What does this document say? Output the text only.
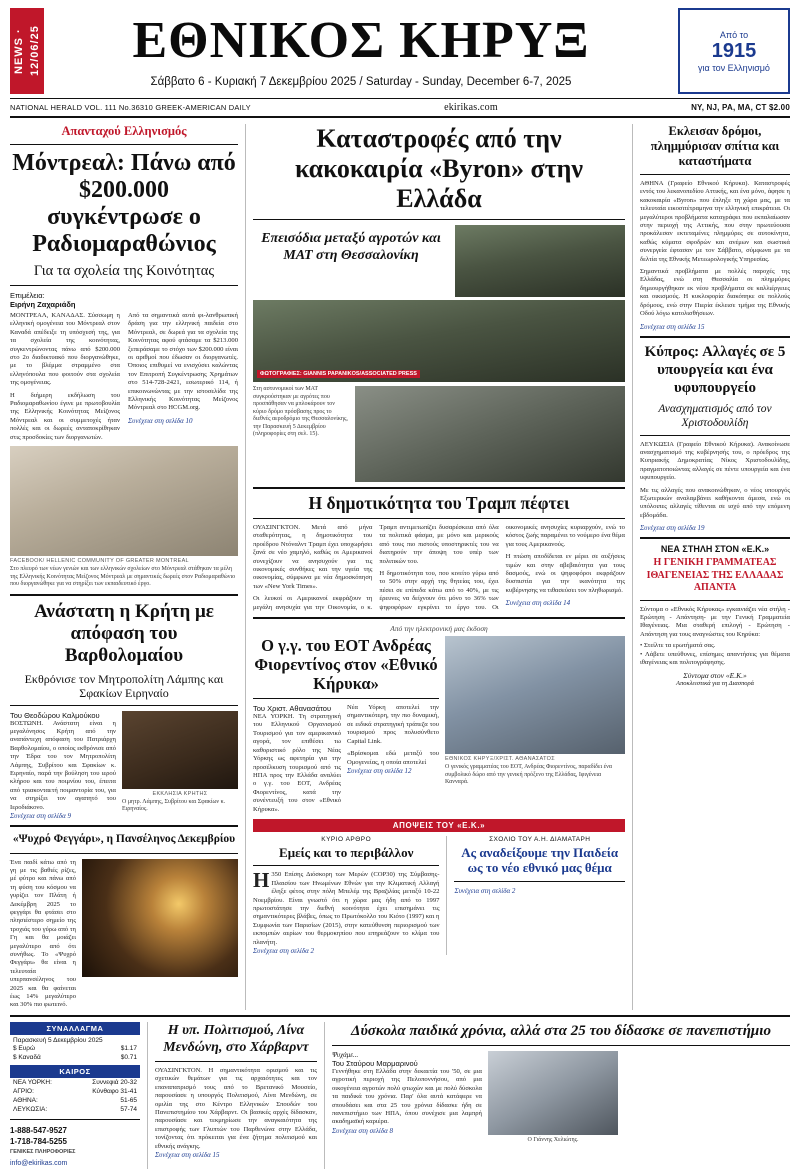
NEWS · 12/06/25 ΕΘΝΙΚΟΣ ΚΗΡΥΞ
Σάββατο 6 - Κυριακή 7 Δεκεμβρίου 2025 / Saturday - Sunday, December 6-7, 2025
Από το
1915
για τον Ελληνισμό
NATIONAL HERALD VOL. 111 No.36310 GREEK-AMERICAN DAILY	ekirikas.com	NY, NJ, PA, MA, CT $2.00
Απανταχού Ελληνισμός
Μόντρεαλ: Πάνω από $200.000 συγκέντρωσε ο Ραδιομαραθώνιος
Για τα σχολεία της Κοινότητας
Επιμέλεια:
Ειρήνη Ζαχαριάδη

ΜΟΝΤΡΕΑΛ, ΚΑΝΑΔΑΣ. Σύσσωμη η ελληνική ομογένεια του Μόντρεαλ στον Καναδά απέδειξε τη υπόσχεσή της, για τα σχολεία της κοινότητας, συγκεντρώνοντας πάνω από $200.000 στο 2ο διαδικτυακό που διοργανώθηκε, με το βλέμμα στραμμένο στα ελληνόπουλα που φοιτούν στα σχολεία της ομογένειας.

Η διήμερη εκδήλωση του Ραδιομαραθωνίου έγινε με πρωτοβουλία της Ελληνικής Κοινότητας Μείζονος Μόντρεαλ και οι συμμετοχές ήταν πολλές και οι δωρεές ανταποκρίθηκαν στις προσδοκίες των διοργανωτών.

Από τα σημαντικά αυτά φι-λανθρωπική δράση για την ελληνική παιδεία στο Μόντρεαλ, σε δωρεά για τα σχολεία της Κοινότητας αφού φτάσαμε τα $213.000 ξεπεράσαμε το στόχο των $200.000 είναι οι αριθμοί που έδωσαν οι διοργανωτές. Όποιος επιθυμεί να ενισχύσει καλώντας τον Επιτροπή Συγκέντρωσης Χρημάτων στο 514-728-2421, εσωτερικό 114, ή επικοινωνώντας με την ιστοσελίδα της Ελληνικής Κοινότητας Μείζονος Μόντρεαλ στο HCGM.org.

Συνέχεια στη σελίδα 10

FACEBOOK/ HELLENIC COMMUNITY OF GREATER MONTREAL
Στο πλευρό των νέων γενιών και των ελληνικών σχολείων στο Μόντρεαλ στάθηκαν τα μέλη της Ελληνικής Κοινότητας Μείζονος Μόντρεαλ με σημαντικές δωρεές στον Ραδιομαραθώνιο που διοργανώθηκε για να στηρίξει των εκπαιδευτικό έργο.
Ανάστατη η Κρήτη με απόφαση του Βαρθολομαίου
Εκθρόνισε τον Μητροπολίτη Λάμπης και Σφακίων Ειρηναίο
Του Θεοδώρου Καλμούκου

ΒΟΣΤΩΝΗ. Ανάστατη είναι η μεγαλόνησος Κρήτη από την αναπάντεχη απόφαση του Πατριάρχη Βαρθολομαίου, ο οποίος εκθρόνισε από την Έδρα του τον Μητροπολίτη Λάμπης, Συβρίτου και Σφακίων κ. Ειρηναίο, παρά την βούληση του ιερού κλήρου και του ποιμνίου του, έπειτα από τριακονταετή ποιμαντορία του, για να στηρίξει τον αγαπητό του Ιεροδιάκονο.

Συνέχεια στη σελίδα 9

ΕΚΚΛΗΣΙΑ ΚΡΗΤΗΣ
Ο μητρ. Λάμπης, Συβρίτου και Σφακίων κ. Ειρηναίος.
«Ψυχρό Φεγγάρι», η Πανσέληνος Δεκεμβρίου

Ένα παιδί κάτω από τη γη με τις βαθιές ρίζες, μέ φύτρο και πάνω από τη φύση του κόσμου να γυρίζει τον Πλάτη ή Δεκέμβρη 2025 το φεγγάρι θα φτάσει στο πλησιέστερο σημείο της τροχιάς του γύρω από τη Γη και θα μοιάζει μεγαλύτερο από ότι συνήθως. Το «Ψυχρό Φεγγάρι» θα είναι η τελευταία υπερπανσέληνος του 2025 και θα φαίνεται έως 14% μεγαλύτερο και 30% πιο φωτεινό.

Καταστροφές από την κακοκαιρία «Byron» στην Ελλάδα
Επεισόδια μεταξύ αγροτών και ΜΑΤ στη Θεσσαλονίκη
ΦΩΤΟΓΡΑΦΙΕΣ: GIANNIS PAPANIKOS/ASSOCIATED PRESS

Στη αστυνομικοί των ΜΑΤ συγκρούστηκαν με αγρότες που προσπάθησαν να μπλοκάρουν τον κύριο δρόμο πρόσβασης προς το διεθνές αεροδρόμιο της Θεσσαλονίκης, την Παρασκευή 5 Δεκεμβρίου (πληροφορίες στη σελ. 15).

Η δημοτικότητα του Τραμπ πέφτει

ΟΥΑΣΙΝΓΚΤΟΝ. Μετά από μήνα σταθερότητας, η δημοτικότητα του προέδρου Ντόναλντ Τραμπ έχει υποχωρήσει ξανά σε νέο χαμηλό, καθώς οι Αμερικανοί συνεχίζουν να ανησυχούν για τις οικονομικές συνθήκες και την υγεία της οικονομίας, σύμφωνα με νέα δημοσκόπηση των «New York Times».

Οι λευκοί οι Αμερικανοί εκφράζουν τη μεγάλη ανησυχία για την Οικονομία, ο κ. Τραμπ αντιμετωπίζει δυσαρέσκεια από όλα τα πολιτικά φάσμα, με μόνο και μερικούς από τους πιο πιστούς υποστηρικτές του να διατηρούν την άποψη του υπέρ των πολιτικών του.

Η δημοτικότητα του, που κινείτο γύρω από το 50% στην αρχή της θητείας του, έχει πέσει σε επίπεδα κάτω από το 40%, με τις έρευνες να δείχνουν ότι μόνο το 36% των ψηφοφόρων εγκρίνει το έργο του. Οι οικονομικές ανησυχίες κυριαρχούν, ενώ το κόστος ζωής παραμένει το νούμερο ένα θέμα για τους Αμερικανούς.

Η πτώση αποδίδεται εν μέρει σε αυξήσεις τιμών και στην αβεβαιότητα για τους δασμούς, ενώ οι ψηφοφόροι εκφράζουν δυσπιστία για την ικανότητα της κυβέρνησης να τιθασεύσει τον πληθωρισμό.

Συνέχεια στη σελίδα 14

Από την ηλεκτρονική μας έκδοση
Ο γ.γ. του ΕΟΤ Ανδρέας Φιορεντίνος στον «Εθνικό Κήρυκα»
Του Χριστ. Αθανασάτου

ΝΕΑ ΥΟΡΚΗ. Τη στρατηγική του Ελληνικού Οργανισμού Τουρισμού για τον αμερικανικό αγορά, τον επιθέσει τω καθοριστικό ρόλο της Νέας Υόρκης ως αφετηρία για την προσέλκυση τουρισμού από τις ΗΠΑ προς την Ελλάδα αναλύει ο γ.γ. του ΕΟΤ, Ανδρέας Φιορεντίνος, κατά την συνέντευξή του στον «Εθνικό Κήρυκα».

Νέα Υόρκη αποτελεί την σημαντικότερη, την πιο δυναμική, σε ειδικά στρατηγική τράπεζα του τουρισμού προς πολυσύνθετο Capital Link.

«Βρίσκομαι εδώ μεταξύ του Ομογενείας, η οποία αποτελεί

Συνέχεια στη σελίδα 12

ΕΘΝΙΚΟΣ ΚΗΡΥΞ/ΧΡΙΣΤ. ΑΘΑΝΑΣΑΤΟΣ
Ο γενικός γραμματέας του ΕΟΤ, Ανδρέας Φιορεντίνος, παραδίδει ένα συμβολικό δώρο από την γενική πρόξενο της Ελλάδας, Ιφιγένεια Κανναρά.
ΑΠΟΨΕΙΣ ΤΟΥ «Ε.Κ.»
ΚΥΡΙΟ ΑΡΘΡΟ
Εμείς και το περιβάλλον

Η350 Επίσης Διόσκορη των Μερών (COP30) της Σύμβασης-Πλαισίου των Ηνωμένων Εθνών για την Κλιματική Αλλαγή έληξε φέτος στην πόλη Μπελέμ της Βραζιλίας μεταξύ 10-22 Νοεμβρίου. Είναι γνωστό ότι η χώρα μας ήδη από το 1997 πρωτοστάτησε την διεθνή κοινότητα έχει επισημάνει τις σημαντικότερες βλάβες, όπως το Πρωτόκολλο του Κιότο (1997) και η Συμφωνία των Παρισίων (2015), στην κατεύθυνση περιορισμού των εκπομπών αερίων του θερμοκηπίου που επηρεάζουν το κλίμα του πλανήτη.

Συνέχεια στη σελίδα 2

ΣΧΟΛΙΟ ΤΟΥ Α.Η. ΔΙΑΜΑΤΑΡΗ
Ας αναδείξουμε την Παιδεία ως το νέο εθνικό μας θέμα

Συνέχεια στη σελίδα 2

Εκλεισαν δρόμοι, πλημμύρισαν σπίτια και καταστήματα

ΑΘΗΝΑ (Γραφείο Εθνικού Κήρυκα). Καταστροφές εντός του λεκανοπεδίου Αττικής, και ένα μόνο, άφησε η κακοκαιρία «Byron» που έπληξε τη χώρα μας, με τα τελευταία εικοσιτέτραμηνα την ελληνική επικράτεια. Οι μεγαλύτεροι προβλήματα καταγράφει που εκπαλαίωσαν στην περιοχή της Αττικής, που στην πρωτεύουσα προκάλεσαν εκτεταμένες πλημμύρες σε αυτοκίνητα, καθώς κύματα σφοδρών και ανέμων και σωστικά συνεργεία έφτασαν με τον Σάββατο, σύμφωνα με τα δελτία της Εθνικής Μετεωρολογικής Υπηρεσίας.

Σημαντικά προβλήματα με πολλές παροχές της Ελλάδας, ενώ στη Θεσσαλία οι πλημμύρες δημιουργήθηκαν εκ νέου προβλήματα σε καλλιέργειες και οικισμούς. Η κυκλοφορία διακόπηκε σε πολλούς δρόμους, ενώ στην Πιερία έκλεισε τμήμα της Εθνικής Οδού λόγω κατολισθήσεων.

Συνέχεια στη σελίδα 15

Κύπρος: Αλλαγές σε 5 υπουργεία και ένα υφυπουργείο
Ανασχηματισμός από τον Χριστοδουλίδη

ΛΕΥΚΩΣΙΑ (Γραφείο Εθνικού Κήρυκα). Ανακοίνωσε ανασχηματισμό της κυβέρνησής του, ο πρόεδρος της Κυπριακής Δημοκρατίας Νίκος Χριστοδουλίδης, πραγματοποιώντας αλλαγές σε πέντε υπουργεία και ένα υφυπουργείο.

Με τις αλλαγές που ανακοινώθηκαν, ο νέος υπουργός Εξωτερικών αναλαμβάνει καθήκοντα άμεσα, ενώ οι υπόλοιπες αλλαγές τίθενται σε ισχύ από την επόμενη εβδομάδα.

Συνέχεια στη σελίδα 19

ΝΕΑ ΣΤΗΛΗ ΣΤΟΝ «Ε.Κ.»
Η ΓΕΝΙΚΗ ΓΡΑΜΜΑΤΕΑΣ ΙΘΑΓΕΝΕΙΑΣ ΤΗΣ ΕΛΛΑΔΑΣ ΑΠΑΝΤΑ

Σύντομα ο «Εθνικός Κήρυκας» εγκαινιάζει νέα στήλη - Ερώτηση - Απάντηση- με την Γενική Γραμματεία Ιθαγένειας. Μια σταθερή επιλογή - Ερώτηση - Απάντηση για τους αναγνώστες του Κηρύκα:

• Στείλτε τα ερωτήματά σας.

• Λάβετε υπεύθυνες, επίσημες απαντήσεις για θέματα ιθαγένειας και πολιτογράφησης.

Σύντομα στον «Ε.Κ.»
Αποκλειστικά για τη Διασπορά
ΣΥΝΑΛΛΑΓΜΑ
Παρασκευή 5 Δεκεμβρίου 2025
$ Ευρώ	$1.17
$ Καναδά	$0.71
ΚΑΙΡΟΣ
ΝΕΑ ΥΟΡΚΗ:	Συννεφιά 20-32
ΑΓΡΙΟ:	Κύνθαφο 31-41
ΑΘΗΝΑ:	51-65
ΛΕΥΚΩΣΙΑ:	57-74
1-888-547-9527
1-718-784-5255
ΓΕΝΙΚΕΣ ΠΛΗΡΟΦΟΡΙΕΣ
info@ekirikas.com
Η υπ. Πολιτισμού, Λίνα Μενδώνη, στο Χάρβαρντ

ΟΥΑΣΙΝΓΚΤΟΝ. Η σημαντικότητα ορισμού και τις σχετικών θεμάτων για τις αρχαιότητες και τον επαναπατρισμό τους από το Βρετανικό Μουσείο, παρουσίασε η υπουργός Πολιτισμού, Λίνα Μενδώνη, σε ομιλία της στο Κέντρο Ελληνικών Σπουδών του Πανεπιστημίου του Χάρβαρντ. Οι βασικές αρχές δίδασκαν, παρουσίασε και τεκμηρίωσε την αναγκαιότητα της επιστροφής των Γλυπτών του Παρθενώνα στην Ελλάδα, τονίζοντας ότι πρόκειται για ένα ζήτημα πολιτισμού και εθνικής ανάγκης.

Συνέχεια στη σελίδα 15

Δύσκολα παιδικά χρόνια, αλλά στα 25 του δίδασκε σε πανεπιστήμιο
Ψυχάμε...
Του Σταύρου Μαρμαρινού

Γεννήθηκε στη Ελλάδα στην δεκαετία του '50, σε μια αγροτική περιοχή της Πελοποννήσου, από μια οικογένεια αγροτών πολύ φτωχών και με πολύ δύσκολα τα παιδικά του χρόνια. Παρ' όλα αυτά κατάφερε να σπουδάσει και στα 25 του χρόνια δίδασκε ήδη σε πανεπιστήμιο των ΗΠΑ, όπου συνέχισε μια λαμπρή ακαδημαϊκή καριέρα.

Συνέχεια στη σελίδα 8

Ο Γιάννης Χελιώτης.
